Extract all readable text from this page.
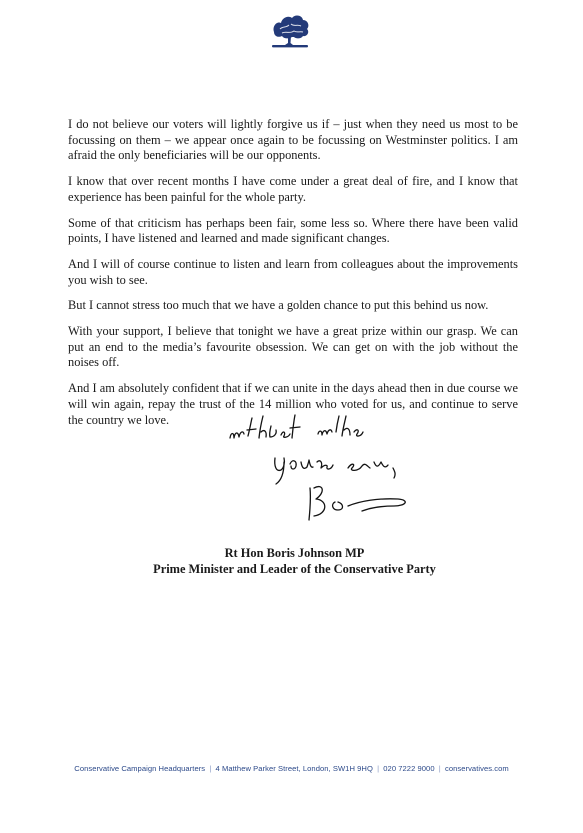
I do not believe our voters will lightly forgive us if – just when they need us most to be focussing on them – we appear once again to be focussing on Westminster politics. I am afraid the only beneficiaries will be our opponents.

I know that over recent months I have come under a great deal of fire, and I know that experience has been painful for the whole party.

Some of that criticism has perhaps been fair, some less so. Where there have been valid points, I have listened and learned and made significant changes.

And I will of course continue to listen and learn from colleagues about the improvements you wish to see.

But I cannot stress too much that we have a golden chance to put this behind us now.

With your support, I believe that tonight we have a great prize within our grasp. We can put an end to the media’s favourite obsession. We can get on with the job without the noises off.

And I am absolutely confident that if we can unite in the days ahead then in due course we will win again, repay the trust of the 14 million who voted for us, and continue to serve the country we love.

Rt Hon Boris Johnson MP
Prime Minister and Leader of the Conservative Party
Conservative Campaign Headquarters | 4 Matthew Parker Street, London, SW1H 9HQ | 020 7222 9000 | conservatives.com
